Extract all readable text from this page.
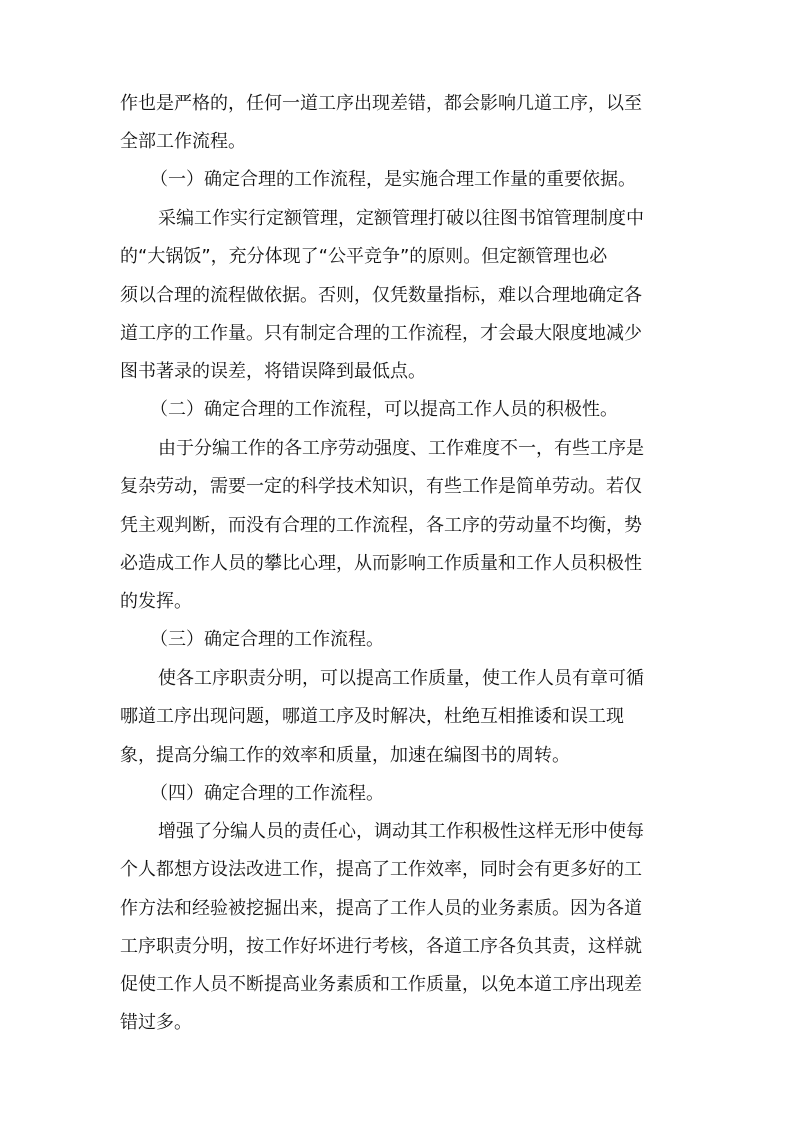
作也是严格的，任何一道工序出现差错，都会影响几道工序，以至
全部工作流程。
（一）确定合理的工作流程，是实施合理工作量的重要依据。
采编工作实行定额管理，定额管理打破以往图书馆管理制度中
的“大锅饭”，充分体现了“公平竞争”的原则。但定额管理也必
须以合理的流程做依据。否则，仅凭数量指标，难以合理地确定各
道工序的工作量。只有制定合理的工作流程，才会最大限度地减少
图书著录的误差，将错误降到最低点。
（二）确定合理的工作流程，可以提高工作人员的积极性。
由于分编工作的各工序劳动强度、工作难度不一，有些工序是
复杂劳动，需要一定的科学技术知识，有些工作是简单劳动。若仅
凭主观判断，而没有合理的工作流程，各工序的劳动量不均衡，势
必造成工作人员的攀比心理，从而影响工作质量和工作人员积极性
的发挥。
（三）确定合理的工作流程。
使各工序职责分明，可以提高工作质量，使工作人员有章可循
哪道工序出现问题，哪道工序及时解决，杜绝互相推诿和误工现
象，提高分编工作的效率和质量，加速在编图书的周转。
（四）确定合理的工作流程。
增强了分编人员的责任心，调动其工作积极性这样无形中使每
个人都想方设法改进工作，提高了工作效率，同时会有更多好的工
作方法和经验被挖掘出来，提高了工作人员的业务素质。因为各道
工序职责分明，按工作好坏进行考核，各道工序各负其责，这样就
促使工作人员不断提高业务素质和工作质量，以免本道工序出现差
错过多。
